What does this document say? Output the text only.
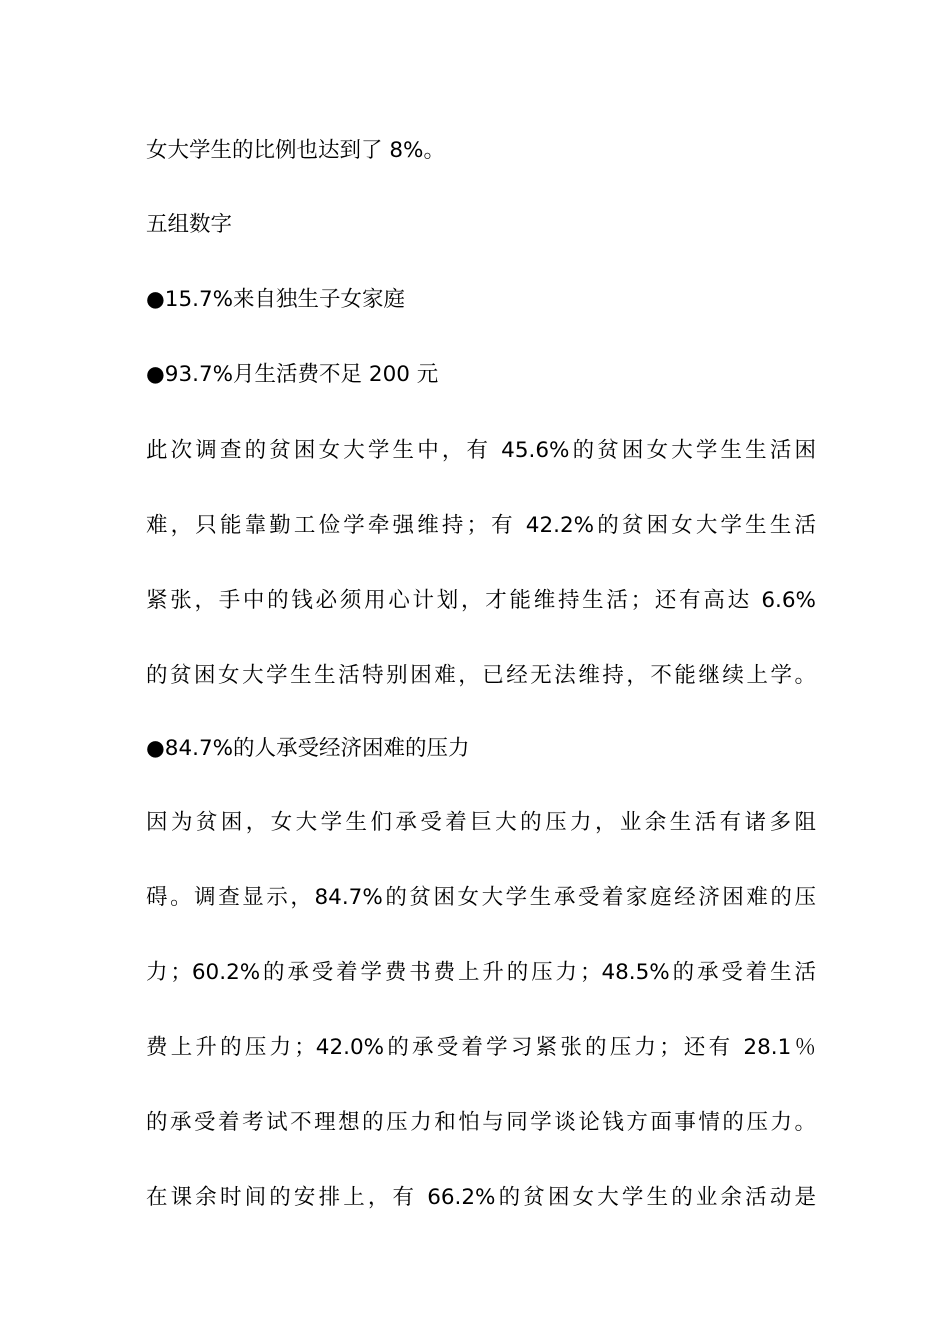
女大学生的比例也达到了 8%。
五组数字
●15.7%来自独生子女家庭
●93.7%月生活费不足 200 元
此次调查的贫困女大学生中，有 45.6%的贫困女大学生生活困
难，只能靠勤工俭学牵强维持；有 42.2%的贫困女大学生生活
紧张，手中的钱必须用心计划，才能维持生活；还有高达 6.6%
的贫困女大学生生活特别困难，已经无法维持，不能继续上学。
●84.7%的人承受经济困难的压力
因为贫困，女大学生们承受着巨大的压力，业余生活有诸多阻
碍。调查显示，84.7%的贫困女大学生承受着家庭经济困难的压
力；60.2%的承受着学费书费上升的压力；48.5%的承受着生活
费上升的压力；42.0%的承受着学习紧张的压力；还有 28.1％
的承受着考试不理想的压力和怕与同学谈论钱方面事情的压力。
在课余时间的安排上，有 66.2%的贫困女大学生的业余活动是
